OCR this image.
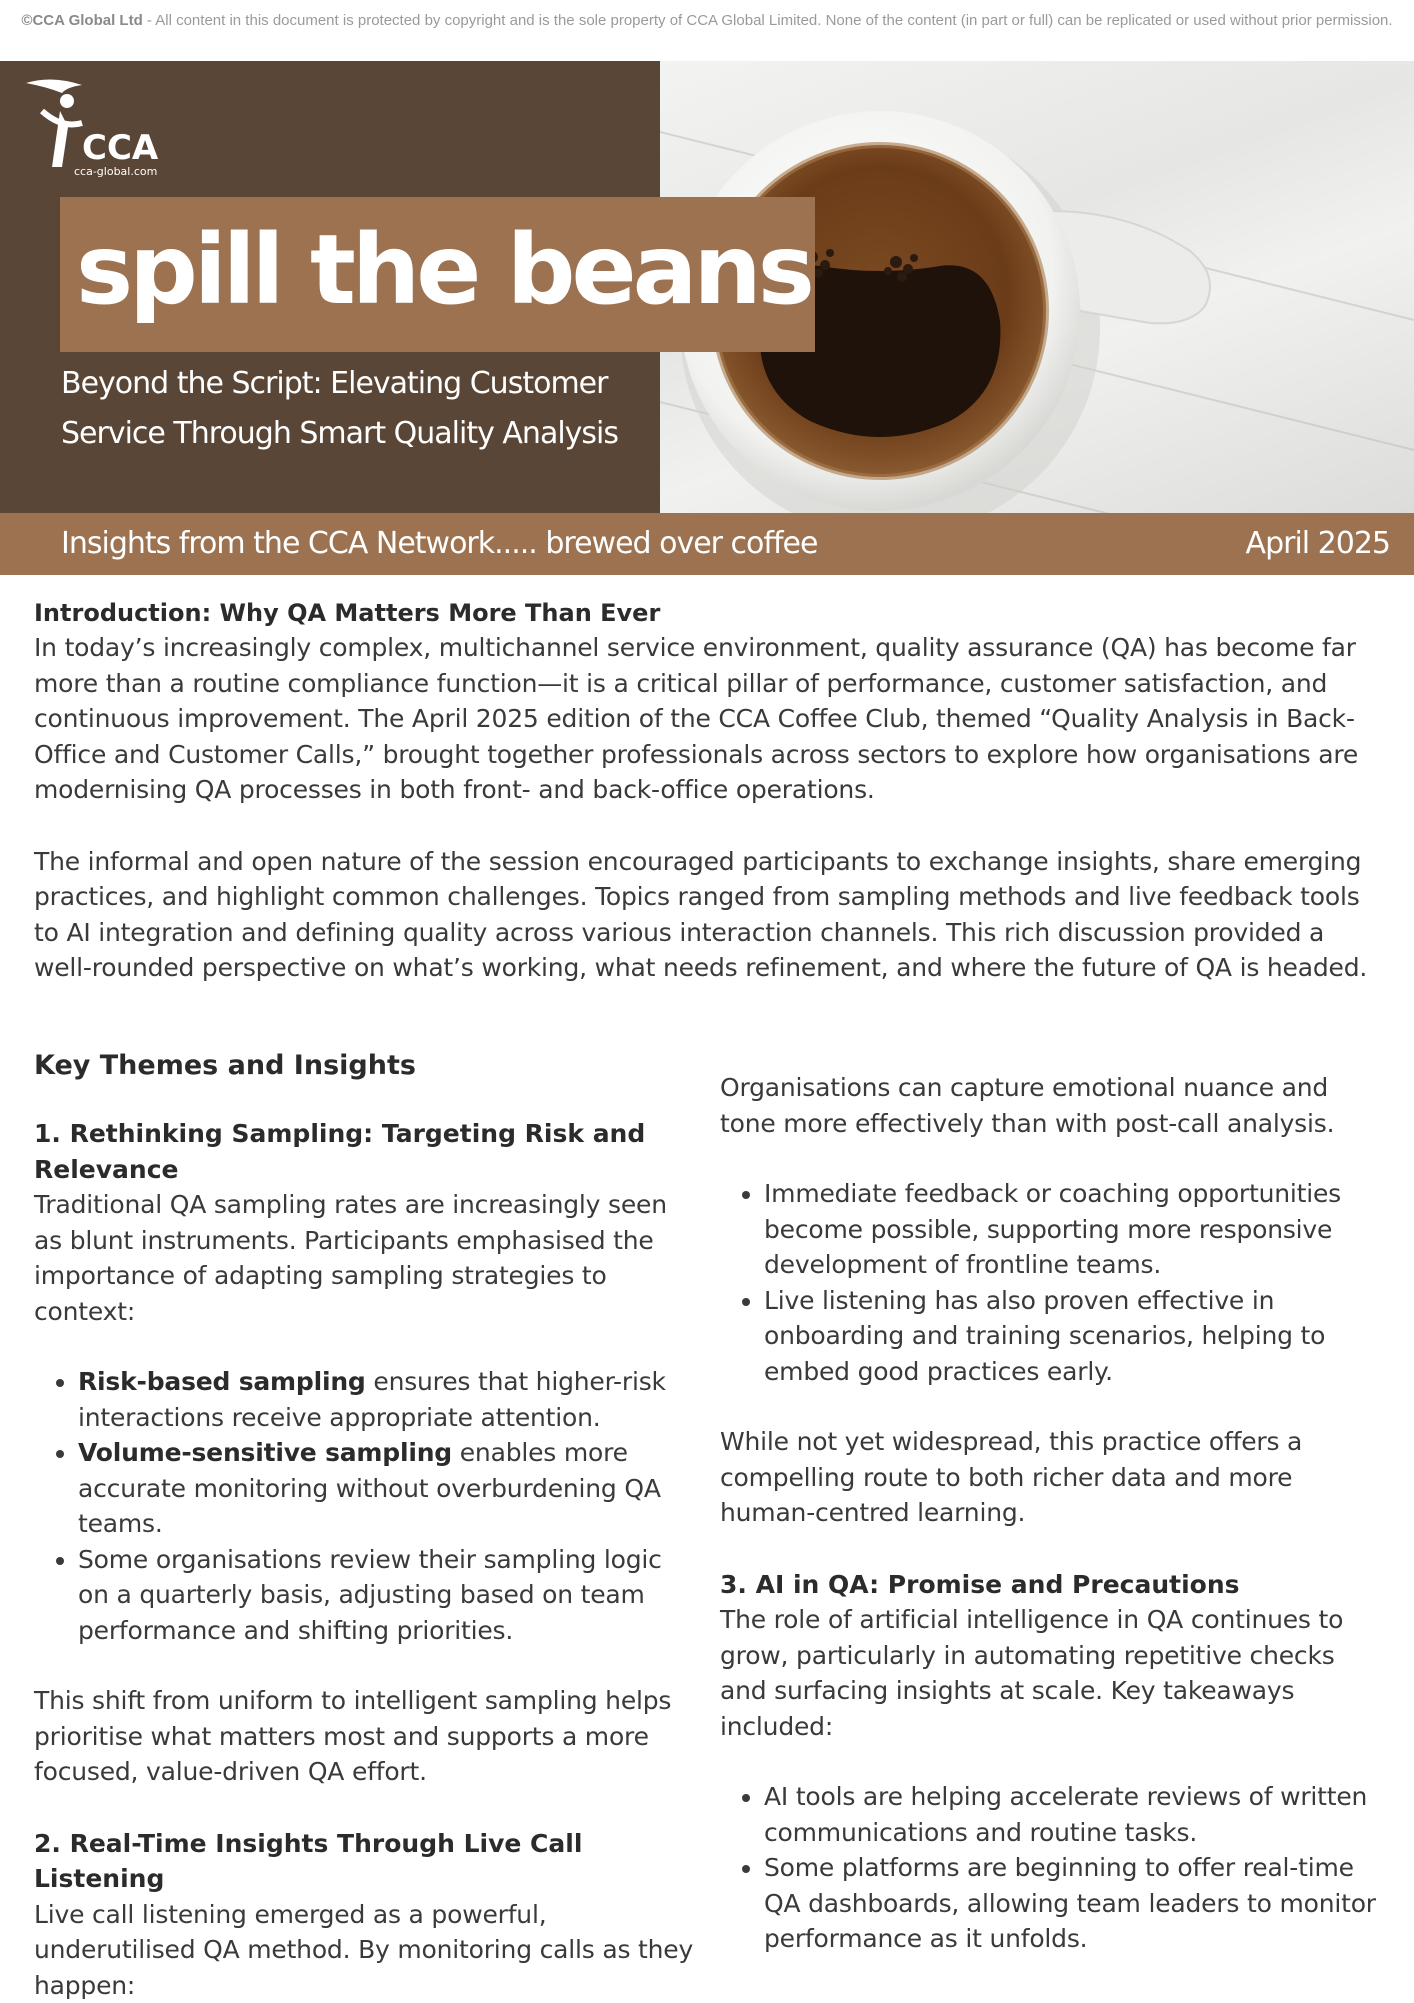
©CCA Global Ltd - All content in this document is protected by copyright and is the sole property of CCA Global Limited. None of the content (in part or full) can be replicated or used without prior permission.
CCA
cca-global.com
spill the beans
Beyond the Script: Elevating Customer Service Through Smart Quality Analysis
Insights from the CCA Network..... brewed over coffee	April 2025

Introduction: Why QA Matters More Than Ever

In today’s increasingly complex, multichannel service environment, quality assurance (QA) has become far more than a routine compliance function—it is a critical pillar of performance, customer satisfaction, and continuous improvement. The April 2025 edition of the CCA Coffee Club, themed “Quality Analysis in Back-Office and Customer Calls,” brought together professionals across sectors to explore how organisations are modernising QA processes in both front- and back-office operations.

The informal and open nature of the session encouraged participants to exchange insights, share emerging practices, and highlight common challenges. Topics ranged from sampling methods and live feedback tools to AI integration and defining quality across various interaction channels. This rich discussion provided a well-rounded perspective on what’s working, what needs refinement, and where the future of QA is headed.

Key Themes and Insights

1. Rethinking Sampling: Targeting Risk and Relevance

Traditional QA sampling rates are increasingly seen as blunt instruments. Participants emphasised the importance of adapting sampling strategies to context:

• Risk-based sampling ensures that higher-risk interactions receive appropriate attention.
• Volume-sensitive sampling enables more accurate monitoring without overburdening QA teams.
• Some organisations review their sampling logic on a quarterly basis, adjusting based on team performance and shifting priorities.

This shift from uniform to intelligent sampling helps prioritise what matters most and supports a more focused, value-driven QA effort.

2. Real-Time Insights Through Live Call Listening

Live call listening emerged as a powerful, underutilised QA method. By monitoring calls as they happen:

Organisations can capture emotional nuance and tone more effectively than with post-call analysis.

• Immediate feedback or coaching opportunities become possible, supporting more responsive development of frontline teams.
• Live listening has also proven effective in onboarding and training scenarios, helping to embed good practices early.

While not yet widespread, this practice offers a compelling route to both richer data and more human-centred learning.

3. AI in QA: Promise and Precautions

The role of artificial intelligence in QA continues to grow, particularly in automating repetitive checks and surfacing insights at scale. Key takeaways included:

• AI tools are helping accelerate reviews of written communications and routine tasks.
• Some platforms are beginning to offer real-time QA dashboards, allowing team leaders to monitor performance as it unfolds.
